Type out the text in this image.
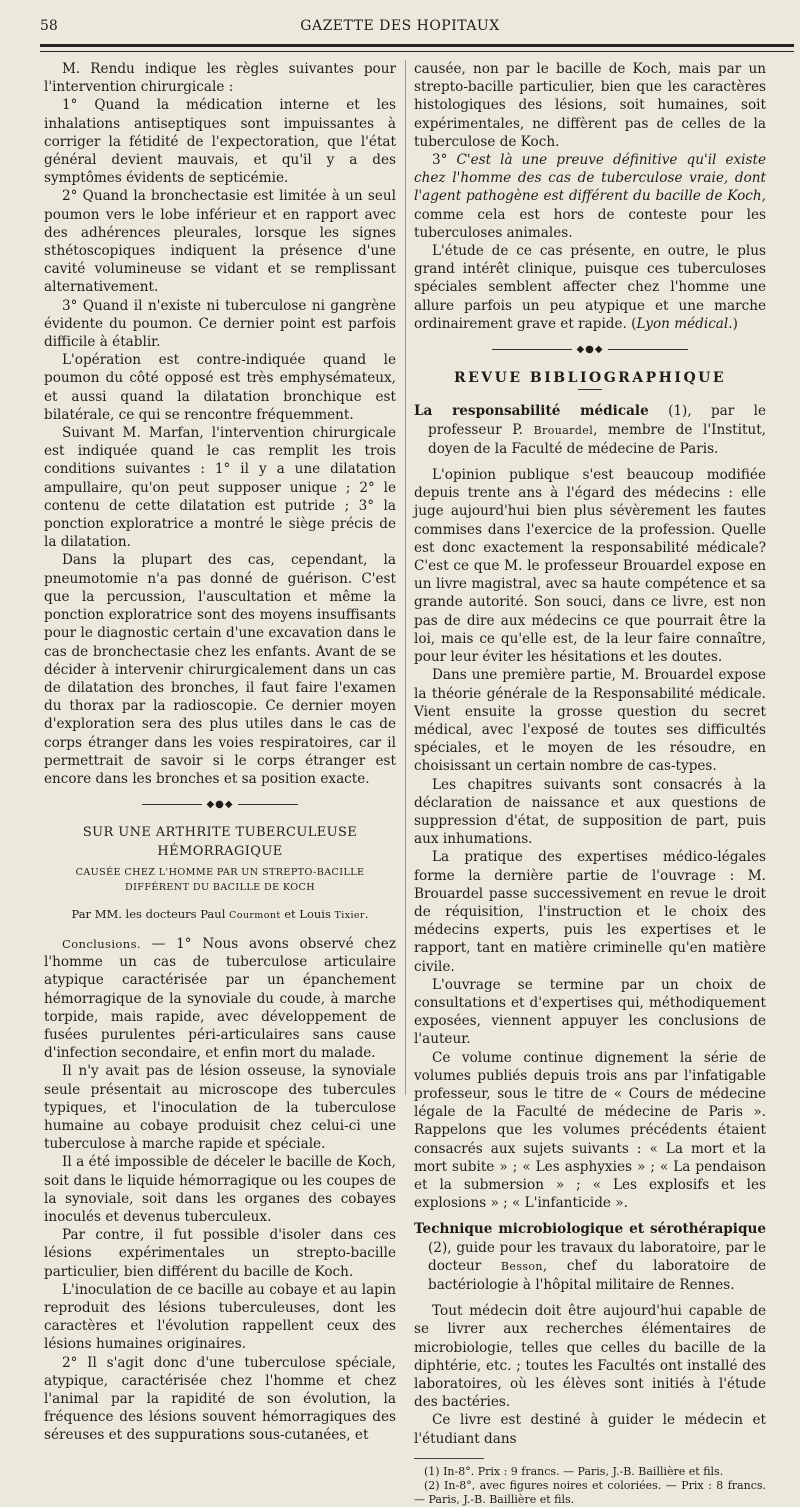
58	GAZETTE DES HOPITAUX

M. Rendu indique les règles suivantes pour l'intervention chirurgicale :

1° Quand la médication interne et les inhalations antiseptiques sont impuissantes à corriger la fétidité de l'expectoration, que l'état général devient mauvais, et qu'il y a des symptômes évidents de septicémie.

2° Quand la bronchectasie est limitée à un seul poumon vers le lobe inférieur et en rapport avec des adhérences pleurales, lorsque les signes sthétoscopiques indiquent la présence d'une cavité volumineuse se vidant et se remplissant alternativement.

3° Quand il n'existe ni tuberculose ni gangrène évidente du poumon. Ce dernier point est parfois difficile à établir.

L'opération est contre-indiquée quand le poumon du côté opposé est très emphysémateux, et aussi quand la dilatation bronchique est bilatérale, ce qui se rencontre fréquemment.

Suivant M. Marfan, l'intervention chirurgicale est indiquée quand le cas remplit les trois conditions suivantes : 1° il y a une dilatation ampullaire, qu'on peut supposer unique ; 2° le contenu de cette dilatation est putride ; 3° la ponction exploratrice a montré le siège précis de la dilatation.

Dans la plupart des cas, cependant, la pneumotomie n'a pas donné de guérison. C'est que la percussion, l'auscultation et même la ponction exploratrice sont des moyens insuffisants pour le diagnostic certain d'une excavation dans le cas de bronchectasie chez les enfants. Avant de se décider à intervenir chirurgicalement dans un cas de dilatation des bronches, il faut faire l'examen du thorax par la radioscopie. Ce dernier moyen d'exploration sera des plus utiles dans le cas de corps étranger dans les voies respiratoires, car il permettrait de savoir si le corps étranger est encore dans les bronches et sa position exacte.

◆●◆
SUR UNE ARTHRITE TUBERCULEUSE HÉMORRAGIQUE
CAUSÉE CHEZ L'HOMME PAR UN STREPTO-BACILLE DIFFÉRENT DU BACILLE DE KOCH
Par MM. les docteurs Paul Courmont et Louis Tixier.

Conclusions. — 1° Nous avons observé chez l'homme un cas de tuberculose articulaire atypique caractérisée par un épanchement hémorragique de la synoviale du coude, à marche torpide, mais rapide, avec développement de fusées purulentes péri-articulaires sans cause d'infection secondaire, et enfin mort du malade.

Il n'y avait pas de lésion osseuse, la synoviale seule présentait au microscope des tubercules typiques, et l'inoculation de la tuberculose humaine au cobaye produisit chez celui-ci une tuberculose à marche rapide et spéciale.

Il a été impossible de déceler le bacille de Koch, soit dans le liquide hémorragique ou les coupes de la synoviale, soit dans les organes des cobayes inoculés et devenus tuberculeux.

Par contre, il fut possible d'isoler dans ces lésions expérimentales un strepto-bacille particulier, bien différent du bacille de Koch.

L'inoculation de ce bacille au cobaye et au lapin reproduit des lésions tuberculeuses, dont les caractères et l'évolution rappellent ceux des lésions humaines originaires.

2° Il s'agit donc d'une tuberculose spéciale, atypique, caractérisée chez l'homme et chez l'animal par la rapidité de son évolution, la fréquence des lésions souvent hémorragiques des séreuses et des suppurations sous-cutanées, et

causée, non par le bacille de Koch, mais par un strepto-bacille particulier, bien que les caractères histologiques des lésions, soit humaines, soit expérimentales, ne diffèrent pas de celles de la tuberculose de Koch.

3° C'est là une preuve définitive qu'il existe chez l'homme des cas de tuberculose vraie, dont l'agent pathogène est différent du bacille de Koch, comme cela est hors de conteste pour les tuberculoses animales.

L'étude de ce cas présente, en outre, le plus grand intérêt clinique, puisque ces tuberculoses spéciales semblent affecter chez l'homme une allure parfois un peu atypique et une marche ordinairement grave et rapide. (Lyon médical.)

◆●◆
REVUE BIBLIOGRAPHIQUE

La responsabilité médicale (1), par le professeur P. Brouardel, membre de l'Institut, doyen de la Faculté de médecine de Paris.

L'opinion publique s'est beaucoup modifiée depuis trente ans à l'égard des médecins : elle juge aujourd'hui bien plus sévèrement les fautes commises dans l'exercice de la profession. Quelle est donc exactement la responsabilité médicale? C'est ce que M. le professeur Brouardel expose en un livre magistral, avec sa haute compétence et sa grande autorité. Son souci, dans ce livre, est non pas de dire aux médecins ce que pourrait être la loi, mais ce qu'elle est, de la leur faire connaître, pour leur éviter les hésitations et les doutes.

Dans une première partie, M. Brouardel expose la théorie générale de la Responsabilité médicale. Vient ensuite la grosse question du secret médical, avec l'exposé de toutes ses difficultés spéciales, et le moyen de les résoudre, en choisissant un certain nombre de cas-types.

Les chapitres suivants sont consacrés à la déclaration de naissance et aux questions de suppression d'état, de supposition de part, puis aux inhumations.

La pratique des expertises médico-légales forme la dernière partie de l'ouvrage : M. Brouardel passe successivement en revue le droit de réquisition, l'instruction et le choix des médecins experts, puis les expertises et le rapport, tant en matière criminelle qu'en matière civile.

L'ouvrage se termine par un choix de consultations et d'expertises qui, méthodiquement exposées, viennent appuyer les conclusions de l'auteur.

Ce volume continue dignement la série de volumes publiés depuis trois ans par l'infatigable professeur, sous le titre de « Cours de médecine légale de la Faculté de médecine de Paris ». Rappelons que les volumes précédents étaient consacrés aux sujets suivants : « La mort et la mort subite » ; « Les asphyxies » ; « La pendaison et la submersion » ; « Les explosifs et les explosions » ; « L'infanticide ».

Technique microbiologique et sérothérapique (2), guide pour les travaux du laboratoire, par le docteur Besson, chef du laboratoire de bactériologie à l'hôpital militaire de Rennes.

Tout médecin doit être aujourd'hui capable de se livrer aux recherches élémentaires de microbiologie, telles que celles du bacille de la diphtérie, etc. ; toutes les Facultés ont installé des laboratoires, où les élèves sont initiés à l'étude des bactéries.

Ce livre est destiné à guider le médecin et l'étudiant dans

(1) In-8°. Prix : 9 francs. — Paris, J.-B. Baillière et fils.

(2) In-8°, avec figures noires et coloriées. — Prix : 8 francs. — Paris, J.-B. Baillière et fils.
